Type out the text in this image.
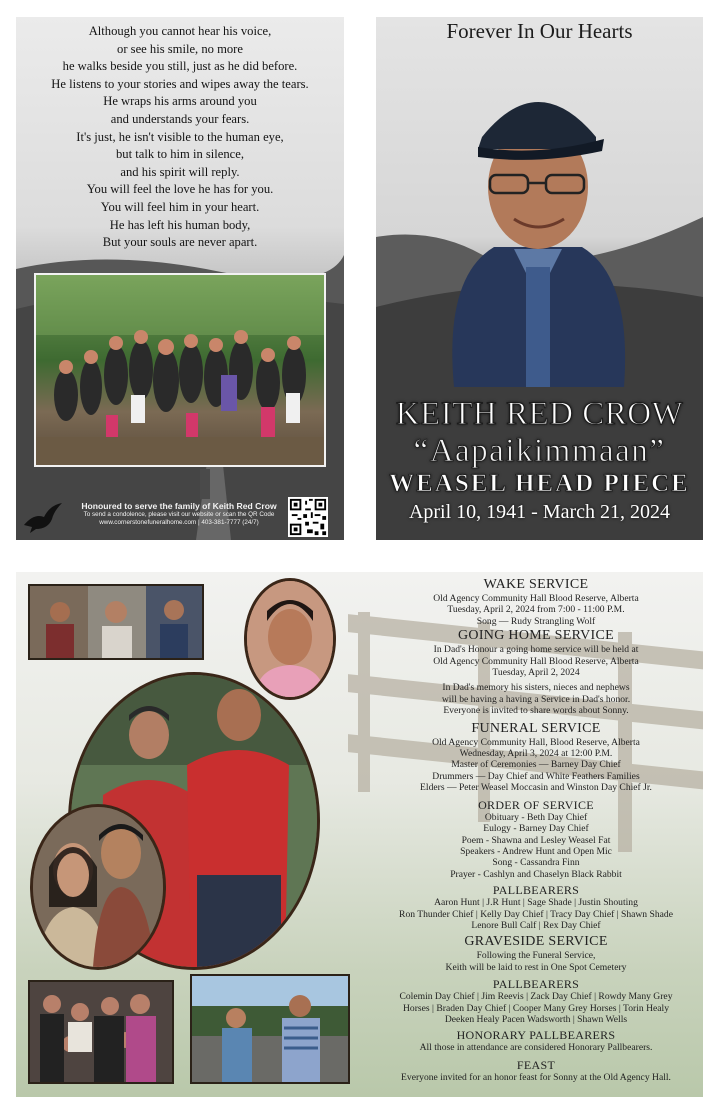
Although you cannot hear his voice,
or see his smile, no more
he walks beside you still, just as he did before.
He listens to your stories and wipes away the tears.
He wraps his arms around you
and understands your fears.
It's just, he isn't visible to the human eye,
but talk to him in silence,
and his spirit will reply.
You will feel the love he has for you.
You will feel him in your heart.
He has left his human body,
But your souls are never apart.
Honoured to serve the family of Keith Red Crow
To send a condolence, please visit our website or scan the QR Code
www.cornerstonefuneralhome.com | 403-381-7777 (24/7)
Forever In Our Hearts
KEITH RED CROW
“Aapaikimmaan”
WEASEL HEAD PIECE
April 10, 1941 - March 21, 2024
WAKE SERVICE
Old Agency Community Hall Blood Reserve, Alberta
Tuesday, April 2, 2024 from 7:00 - 11:00 P.M.
Song — Rudy Strangling Wolf
GOING HOME SERVICE
In Dad's Honour a going home service will be held at
Old Agency Community Hall Blood Reserve, Alberta
Tuesday, April 2, 2024
In Dad's memory his sisters, nieces and nephews
will be having a having a Service in Dad's honor.
Everyone is invited to share words about Sonny.
FUNERAL SERVICE
Old Agency Community Hall, Blood Reserve, Alberta
Wednesday, April 3, 2024 at 12:00 P.M.
Master of Ceremonies — Barney Day Chief
Drummers — Day Chief and White Feathers Families
Elders — Peter Weasel Moccasin and Winston Day Chief Jr.
ORDER OF SERVICE
Obituary - Beth Day Chief
Eulogy - Barney Day Chief
Poem - Shawna and Lesley Weasel Fat
Speakers - Andrew Hunt and Open Mic
Song - Cassandra Finn
Prayer - Cashlyn and Chaselyn Black Rabbit
PALLBEARERS
Aaron Hunt | J.R Hunt | Sage Shade | Justin Shouting
Ron Thunder Chief | Kelly Day Chief | Tracy Day Chief | Shawn Shade
Lenore Bull Calf | Rex Day Chief
GRAVESIDE SERVICE
Following the Funeral Service,
Keith will be laid to rest in One Spot Cemetery
PALLBEARERS
Colemin Day Chief | Jim Reevis | Zack Day Chief | Rowdy Many Grey
Horses | Braden Day Chief | Cooper Many Grey Horses | Torin Healy
Deeken Healy Pacen Wadsworth | Shawn Wells
HONORARY PALLBEARERS
All those in attendance are considered Honorary Pallbearers.
FEAST
Everyone invited for an honor feast for Sonny at the Old Agency Hall.
